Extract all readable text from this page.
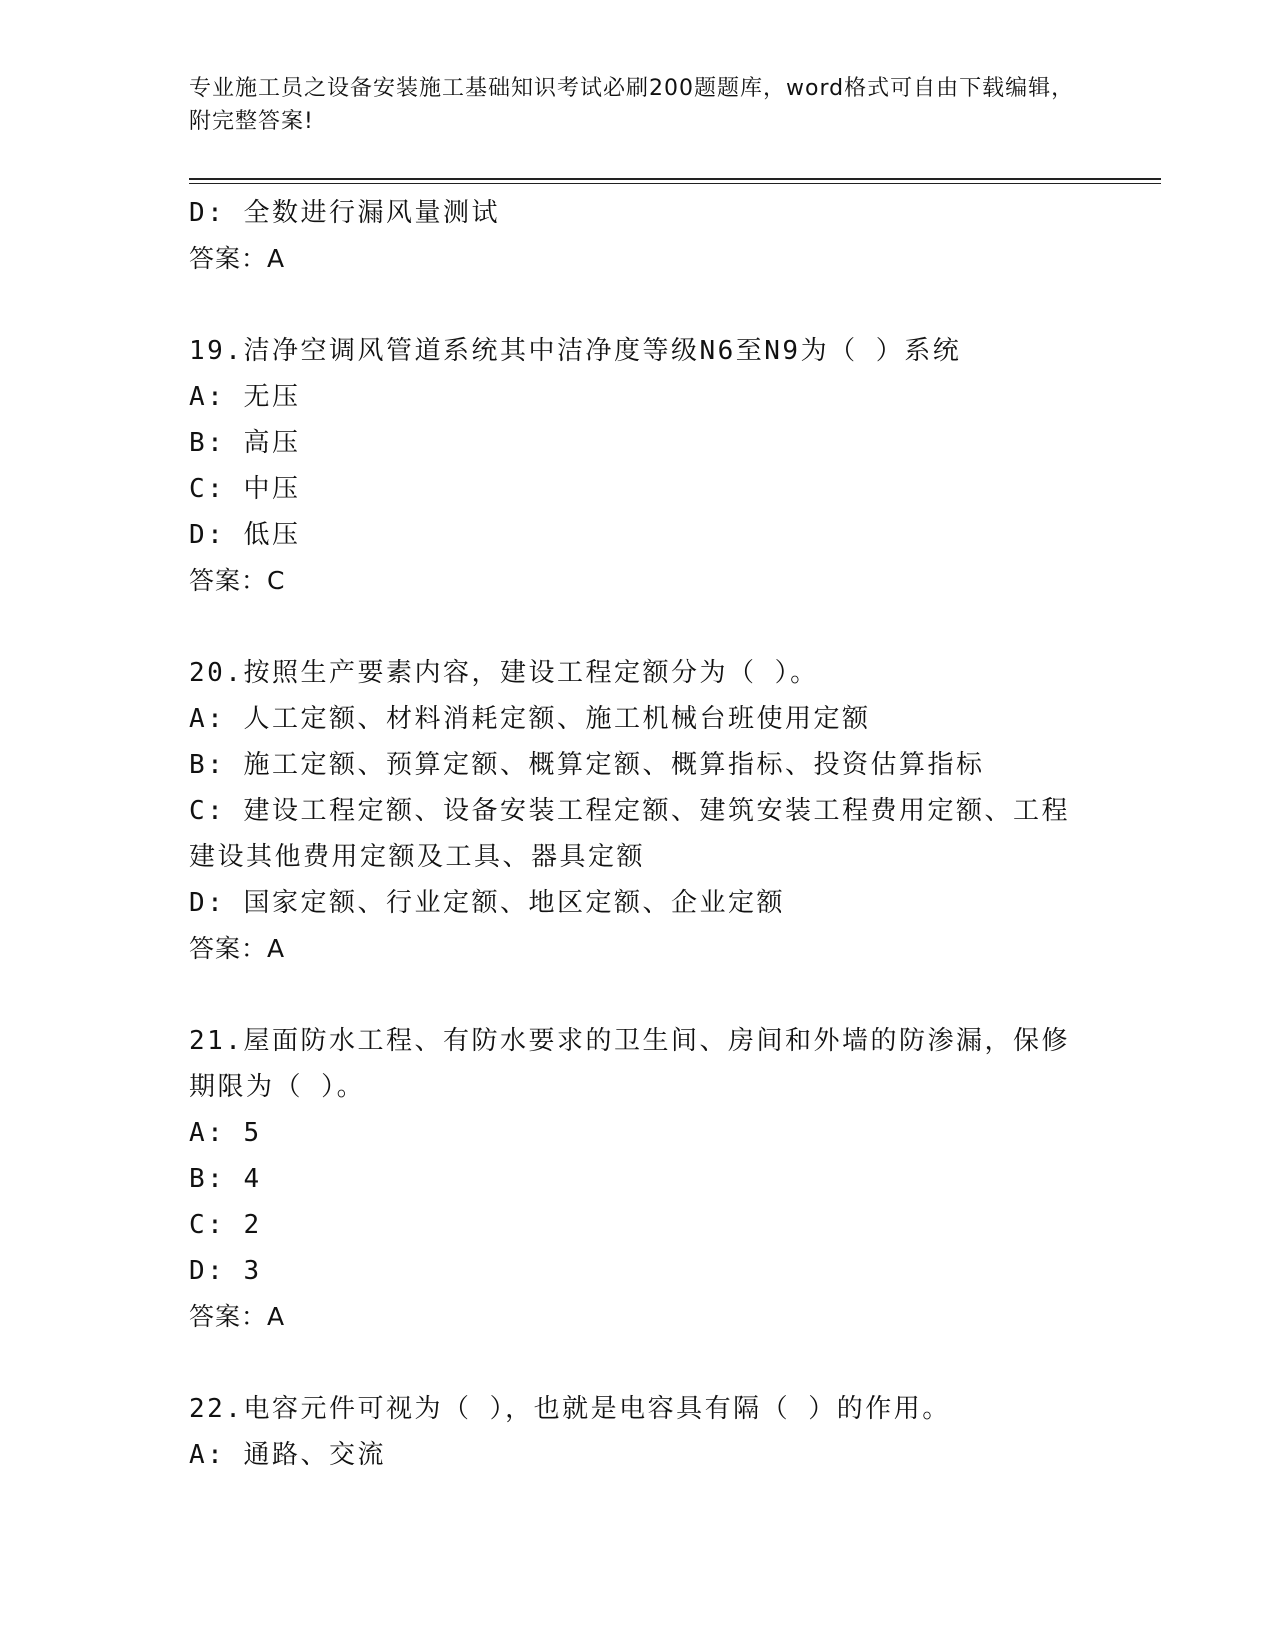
专业施工员之设备安装施工基础知识考试必刷200题题库，word格式可自由下载编辑，附完整答案!
D: 全数进行漏风量测试
答案：A
19.洁净空调风管道系统其中洁净度等级N6至N9为（ ）系统
A: 无压
B: 高压
C: 中压
D: 低压
答案：C
20.按照生产要素内容，建设工程定额分为（ ）。
A: 人工定额、材料消耗定额、施工机械台班使用定额
B: 施工定额、预算定额、概算定额、概算指标、投资估算指标
C: 建设工程定额、设备安装工程定额、建筑安装工程费用定额、工程建设其他费用定额及工具、器具定额
D: 国家定额、行业定额、地区定额、企业定额
答案：A
21.屋面防水工程、有防水要求的卫生间、房间和外墙的防渗漏，保修期限为（ ）。
A: 5
B: 4
C: 2
D: 3
答案：A
22.电容元件可视为（ ），也就是电容具有隔（ ）的作用。
A: 通路、交流
